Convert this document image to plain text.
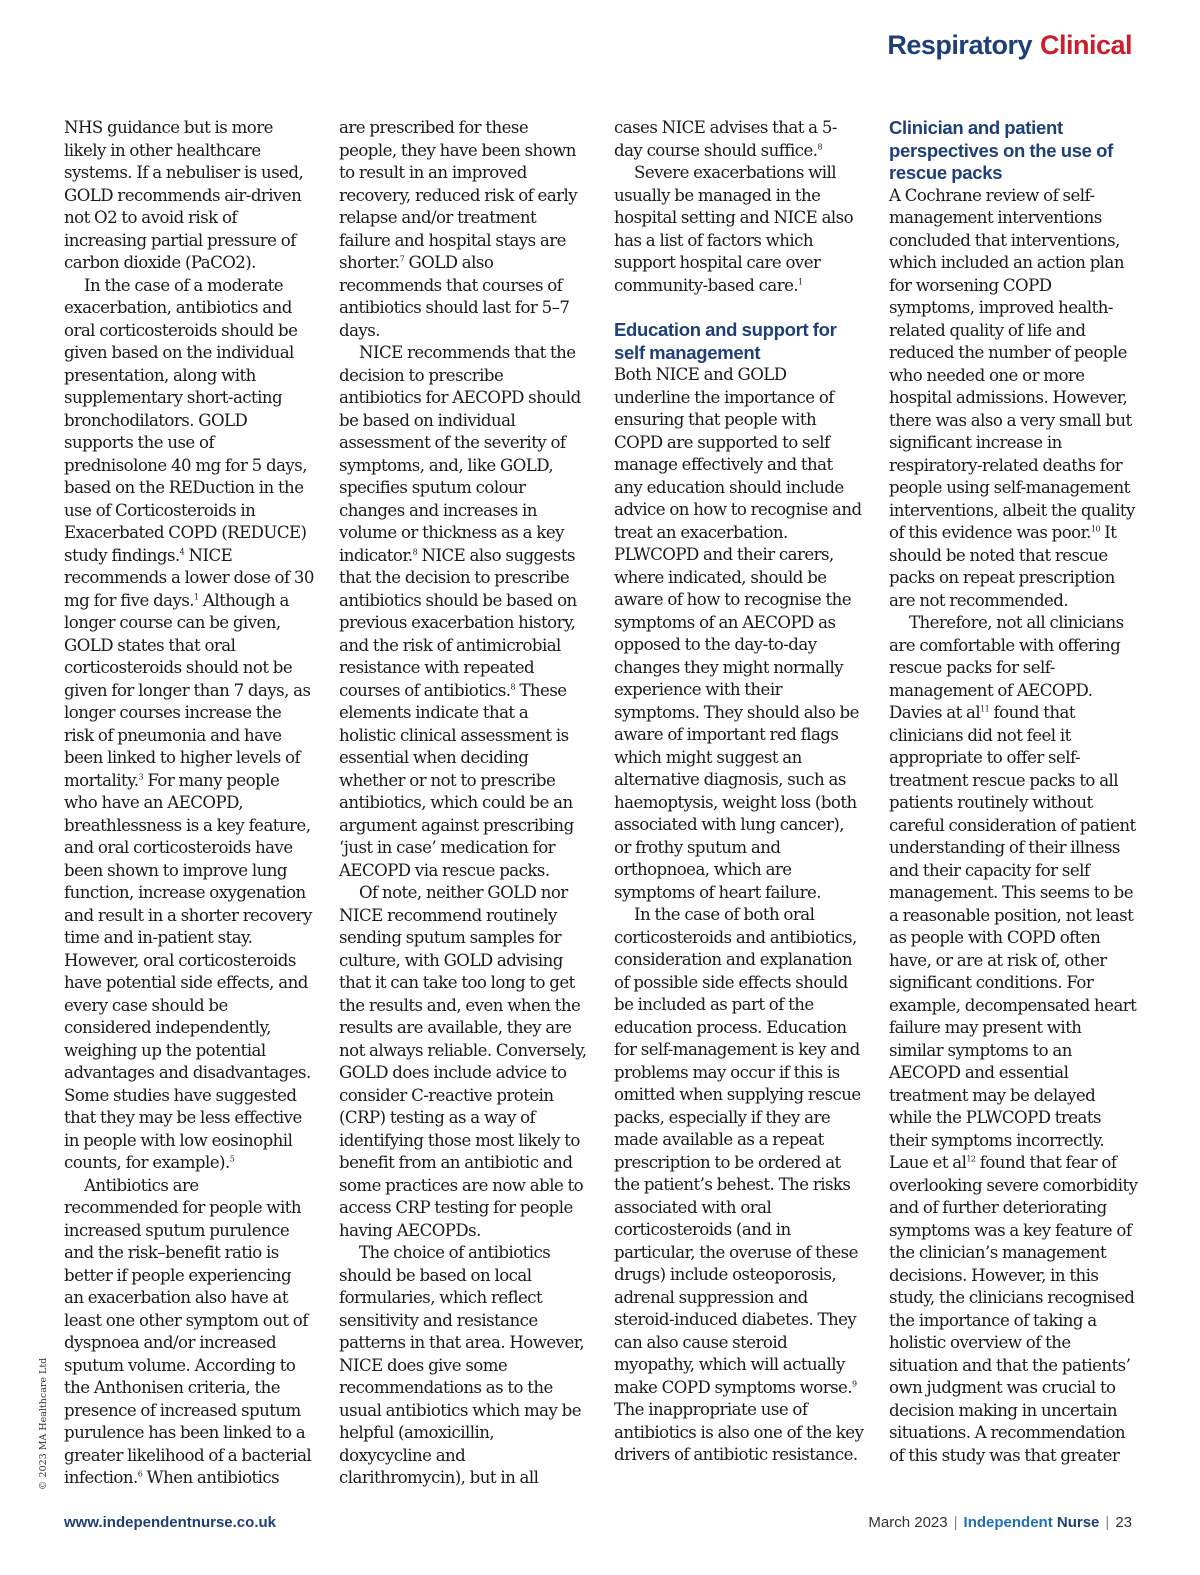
Respiratory Clinical

NHS guidance but is more likely in other healthcare systems. If a nebuliser is used, GOLD recommends air-driven not O2 to avoid risk of increasing partial pressure of carbon dioxide (PaCO2).

In the case of a moderate exacerbation, antibiotics and oral corticosteroids should be given based on the individual presentation, along with supplementary short-acting bronchodilators. GOLD supports the use of prednisolone 40 mg for 5 days, based on the REDuction in the use of Corticosteroids in Exacerbated COPD (REDUCE) study findings.$^4$ NICE recommends a lower dose of 30 mg for five days.$^1$ Although a longer course can be given, GOLD states that oral corticosteroids should not be given for longer than 7 days, as longer courses increase the risk of pneumonia and have been linked to higher levels of mortality.$^3$ For many people who have an AECOPD, breathlessness is a key feature, and oral corticosteroids have been shown to improve lung function, increase oxygenation and result in a shorter recovery time and in-patient stay. However, oral corticosteroids have potential side effects, and every case should be considered independently, weighing up the potential advantages and disadvantages. Some studies have suggested that they may be less effective in people with low eosinophil counts, for example).$^5$

Antibiotics are recommended for people with increased sputum purulence and the risk–benefit ratio is better if people experiencing an exacerbation also have at least one other symptom out of dyspnoea and/or increased sputum volume. According to the Anthonisen criteria, the presence of increased sputum purulence has been linked to a greater likelihood of a bacterial infection.$^6$ When antibiotics

are prescribed for these people, they have been shown to result in an improved recovery, reduced risk of early relapse and/or treatment failure and hospital stays are shorter.$^7$ GOLD also recommends that courses of antibiotics should last for 5–7 days.

NICE recommends that the decision to prescribe antibiotics for AECOPD should be based on individual assessment of the severity of symptoms, and, like GOLD, specifies sputum colour changes and increases in volume or thickness as a key indicator.$^8$ NICE also suggests that the decision to prescribe antibiotics should be based on previous exacerbation history, and the risk of antimicrobial resistance with repeated courses of antibiotics.$^8$ These elements indicate that a holistic clinical assessment is essential when deciding whether or not to prescribe antibiotics, which could be an argument against prescribing ‘just in case’ medication for AECOPD via rescue packs.

Of note, neither GOLD nor NICE recommend routinely sending sputum samples for culture, with GOLD advising that it can take too long to get the results and, even when the results are available, they are not always reliable. Conversely, GOLD does include advice to consider C-reactive protein (CRP) testing as a way of identifying those most likely to benefit from an antibiotic and some practices are now able to access CRP testing for people having AECOPDs.

The choice of antibiotics should be based on local formularies, which reflect sensitivity and resistance patterns in that area. However, NICE does give some recommendations as to the usual antibiotics which may be helpful (amoxicillin, doxycycline and clarithromycin), but in all

cases NICE advises that a 5-day course should suffice.$^8$

Severe exacerbations will usually be managed in the hospital setting and NICE also has a list of factors which support hospital care over community-based care.$^1$

Education and support for self management

Both NICE and GOLD underline the importance of ensuring that people with COPD are supported to self manage effectively and that any education should include advice on how to recognise and treat an exacerbation. PLWCOPD and their carers, where indicated, should be aware of how to recognise the symptoms of an AECOPD as opposed to the day-to-day changes they might normally experience with their symptoms. They should also be aware of important red flags which might suggest an alternative diagnosis, such as haemoptysis, weight loss (both associated with lung cancer), or frothy sputum and orthopnoea, which are symptoms of heart failure.

In the case of both oral corticosteroids and antibiotics, consideration and explanation of possible side effects should be included as part of the education process. Education for self-management is key and problems may occur if this is omitted when supplying rescue packs, especially if they are made available as a repeat prescription to be ordered at the patient’s behest. The risks associated with oral corticosteroids (and in particular, the overuse of these drugs) include osteoporosis, adrenal suppression and steroid-induced diabetes. They can also cause steroid myopathy, which will actually make COPD symptoms worse.$^9$ The inappropriate use of antibiotics is also one of the key drivers of antibiotic resistance.

Clinician and patient perspectives on the use of rescue packs

A Cochrane review of self-management interventions concluded that interventions, which included an action plan for worsening COPD symptoms, improved health-related quality of life and reduced the number of people who needed one or more hospital admissions. However, there was also a very small but significant increase in respiratory-related deaths for people using self-management interventions, albeit the quality of this evidence was poor.$^{10}$ It should be noted that rescue packs on repeat prescription are not recommended.

Therefore, not all clinicians are comfortable with offering rescue packs for self-management of AECOPD. Davies at $al^{11}$ found that clinicians did not feel it appropriate to offer self-treatment rescue packs to all patients routinely without careful consideration of patient understanding of their illness and their capacity for self management. This seems to be a reasonable position, not least as people with COPD often have, or are at risk of, other significant conditions. For example, decompensated heart failure may present with similar symptoms to an AECOPD and essential treatment may be delayed while the PLWCOPD treats their symptoms incorrectly. Laue et $al^{12}$ found that fear of overlooking severe comorbidity and of further deteriorating symptoms was a key feature of the clinician’s management decisions. However, in this study, the clinicians recognised the importance of taking a holistic overview of the situation and that the patients’ own judgment was crucial to decision making in uncertain situations. A recommendation of this study was that greater

© 2023 MA Healthcare Ltd
www.independentnurse.co.uk	March 2023 | Independent Nurse | 23
